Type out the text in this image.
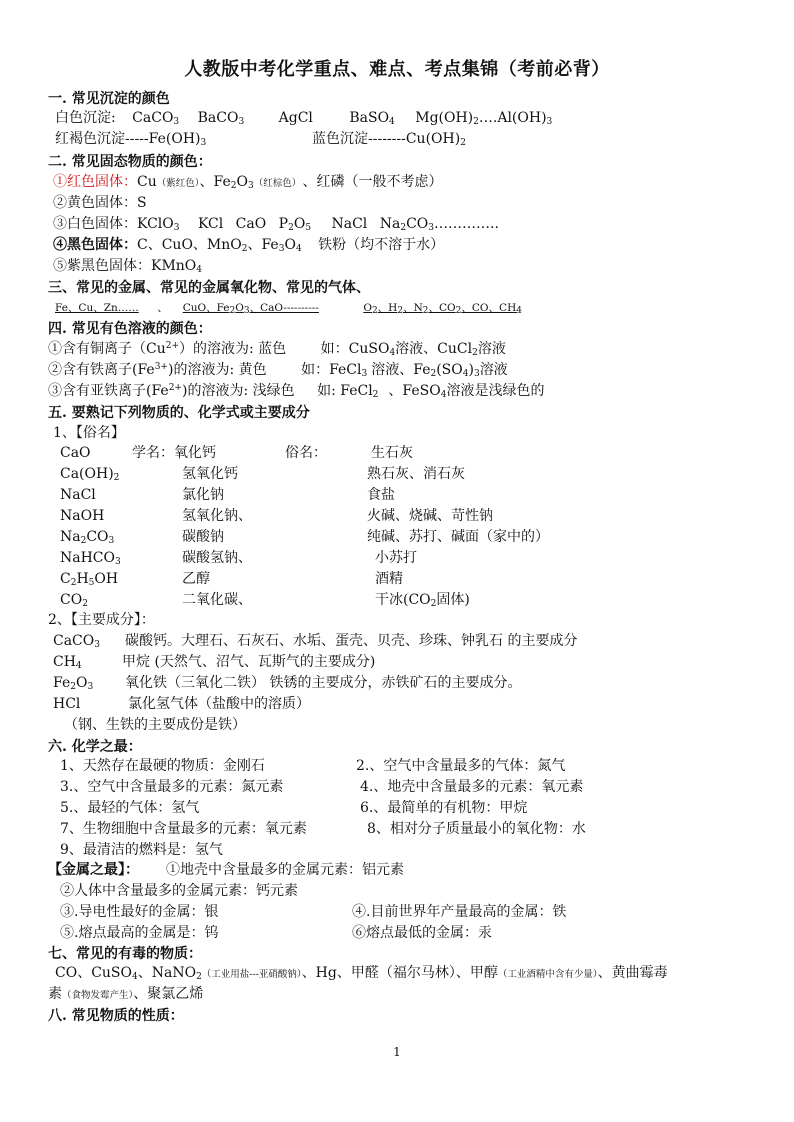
人教版中考化学重点、难点、考点集锦（考前必背）
一. 常见沉淀的颜色
白色沉淀: CaCO$_3$ BaCO$_3$ AgCl	BaSO$_4$ $Mg(OH)_2\dots.Al(OH)_3$
红褐色沉淀$-----Fe(OH)_3$	蓝色沉淀$--------Cu(OH)_2$
二. 常见固态物质的颜色：
①红色固体：Cu（紫红色）、$Fe_2O_3$（红棕色） 、红磷（一般不考虑）
②黄色固体：S
③白色固体：KClO$_3$ KCl CaO $P_2O_5$ NaCl $Na_2CO_3\dots\dots\dots\dots$..
④黑色固体：C、CuO、MnO$_2$、$Fe_3O_4$ 铁粉（均不溶于水）
⑤紫黑色固体：KMnO$_4$
三、常见的金属、常见的金属氧化物、常见的气体、
Fe、Cu、Zn…… 、 CuO、$Fe_2O_3$、CaO----------	$O_2$、$H_2$、$N_2$、$CO_2$、CO、$CH_4$
四. 常见有色溶液的颜色：
①含有铜离子$(Cu^{2+})$的溶液为: 蓝色 如：CuSO$_4$溶液、CuCl$_2$溶液
②含有铁离子$(Fe^{3+})$的溶液为: 黄色 如：FeCl$_3$ 溶液、$Fe_2(SO_4)_3$溶液
③含有亚铁离子$(Fe^{2+})$的溶液为: 浅绿色 如: FeCl$_2$ 、FeSO$_4$溶液是浅绿色的
五. 要熟记下列物质的、化学式或主要成分
1、【俗名】
CaO	学名：氧化钙	俗名：	生石灰
$Ca(OH)_2$	氢氧化钙	熟石灰、消石灰
NaCl	氯化钠	食盐
NaOH	氢氧化钠、	火碱、烧碱、苛性钠
$Na_2CO_3$	碳酸钠	纯碱、苏打、碱面（家中的）
NaHCO$_3$	碳酸氢钠、	小苏打
$C_2H_5OH$	乙醇	酒精
$CO_2$	二氧化碳、	干冰($CO_2$固体)
2、【主要成分】：
CaCO$_3$ 碳酸钙。大理石、石灰石、水垢、蛋壳、贝壳、珍珠、钟乳石 的主要成分
$CH_4$	甲烷 (天然气、沼气、瓦斯气的主要成分)
$Fe_2O_3$ 氧化铁（三氧化二铁） 铁锈的主要成分，赤铁矿石的主要成分。
HCl	氯化氢气体（盐酸中的溶质）
（钢、生铁的主要成份是铁）
六. 化学之最：
1、天然存在最硬的物质：金刚石	2.、空气中含量最多的气体：氮气
3.、空气中含量最多的元素：氮元素	4.、地壳中含量最多的元素：氧元素
5.、最轻的气体：氢气	6.、最简单的有机物：甲烷
7、生物细胞中含量最多的元素：氧元素	8、相对分子质量最小的氧化物：水
9、最清洁的燃料是：氢气
【金属之最】： ①地壳中含量最多的金属元素：铝元素
②人体中含量最多的金属元素：钙元素
③.导电性最好的金属：银	④.目前世界年产量最高的金属：铁
⑤.熔点最高的金属是：钨	⑥熔点最低的金属：汞
七、常见的有毒的物质：
CO、CuSO$_4$、NaNO$_2$（工业用盐---亚硝酸钠）、Hg、甲醛（福尔马林）、甲醇（工业酒精中含有少量）、黄曲霉毒
素（食物发霉产生）、聚氯乙烯
八. 常见物质的性质：
1
